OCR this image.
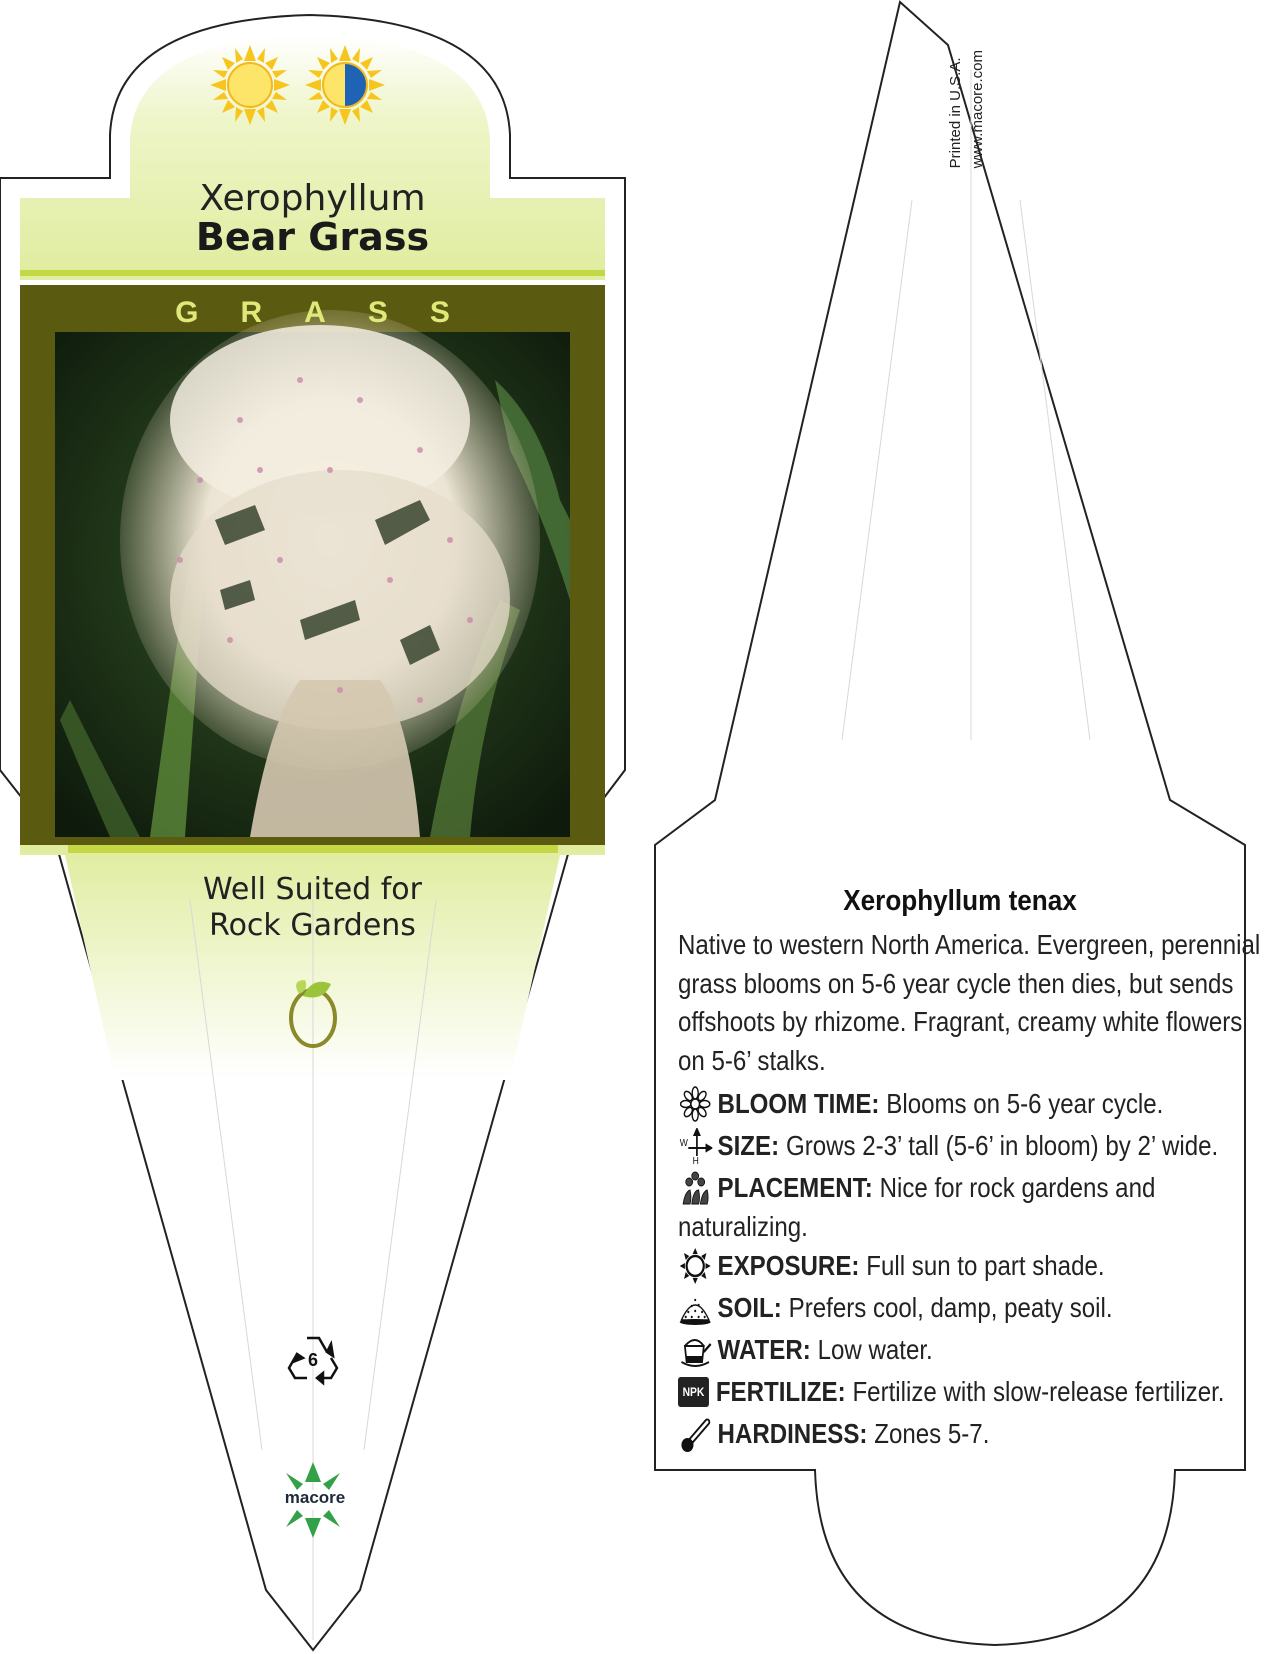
Xerophyllum
Bear Grass
GRASS
Well Suited for
Rock Gardens
6
macore
Printed in U.S.A. www.macore.com
Xerophyllum tenax
Native to western North America. Evergreen, perennial
grass blooms on 5-6 year cycle then dies, but sends
offshoots by rhizome. Fragrant, creamy white flowers
on 5-6’ stalks.
BLOOM TIME: Blooms on 5-6 year cycle.
W
H SIZE: Grows 2-3’ tall (5-6’ in bloom) by 2’ wide.
PLACEMENT: Nice for rock gardens and
naturalizing.
EXPOSURE: Full sun to part shade.
SOIL: Prefers cool, damp, peaty soil.
WATER: Low water.
NPK FERTILIZE: Fertilize with slow-release fertilizer.
HARDINESS: Zones 5-7.
